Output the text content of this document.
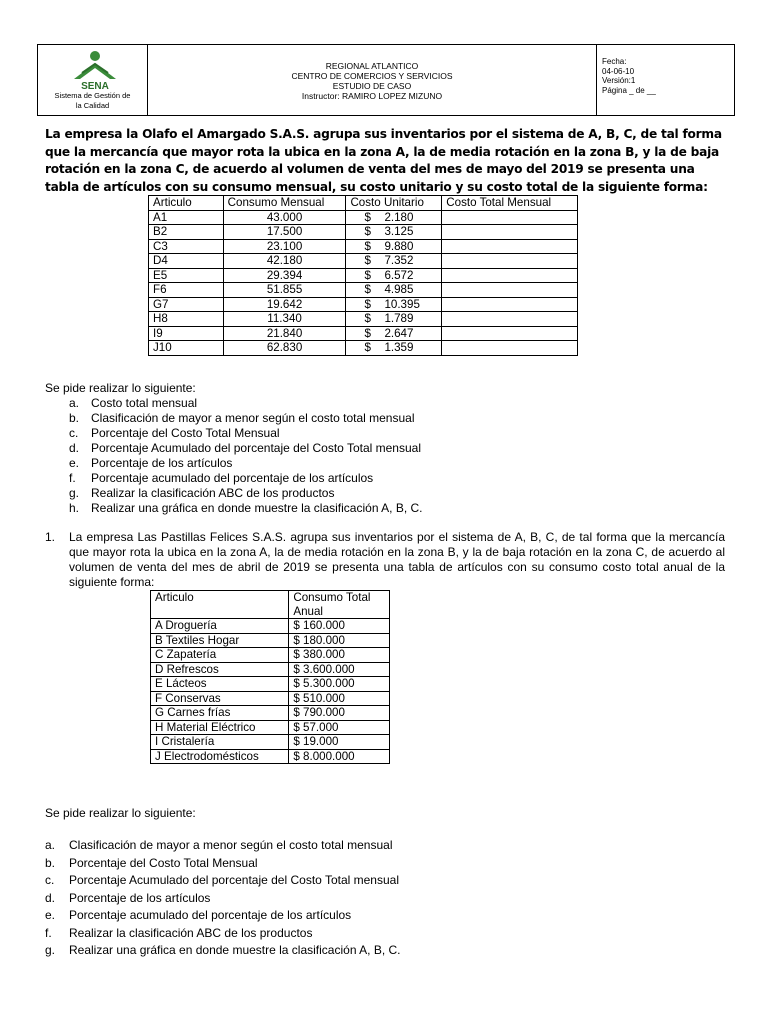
SENA
Sistema de Gestión de
la Calidad
REGIONAL ATLANTICO
CENTRO DE COMERCIOS Y SERVICIOS
ESTUDIO DE CASO
Instructor: RAMIRO LOPEZ MIZUNO
Fecha:
04-06-10
Versión:1
Página _ de __
La empresa la Olafo el Amargado S.A.S. agrupa sus inventarios por el sistema de A, B, C, de tal forma que la mercancía que mayor rota la ubica en la zona A, la de media rotación en la zona B, y la de baja rotación en la zona C, de acuerdo al volumen de venta del mes de mayo del 2019 se presenta una tabla de artículos con su consumo mensual, su costo unitario y su costo total de la siguiente forma:
Articulo	Consumo Mensual	Costo Unitario	Costo Total Mensual
A1	43.000	$ 2.180	
B2	17.500	$ 3.125	
C3	23.100	$ 9.880	
D4	42.180	$ 7.352	
E5	29.394	$ 6.572	
F6	51.855	$ 4.985	
G7	19.642	$ 10.395	
H8	11.340	$ 1.789	
I9	21.840	$ 2.647	
J10	62.830	$ 1.359	
Se pide realizar lo siguiente:
a. Costo total mensual
b. Clasificación de mayor a menor según el costo total mensual
c.	Porcentaje del Costo Total Mensual
d. Porcentaje Acumulado del porcentaje del Costo Total mensual
e. Porcentaje de los artículos
f.	Porcentaje acumulado del porcentaje de los artículos
g. Realizar la clasificación ABC de los productos
h. Realizar una gráfica en donde muestre la clasificación A, B, C.
1. La empresa Las Pastillas Felices S.A.S. agrupa sus inventarios por el sistema de A, B, C, de tal forma que la mercancía que mayor rota la ubica en la zona A, la de media rotación en la zona B, y la de baja rotación en la zona C, de acuerdo al volumen de venta del mes de abril de 2019 se presenta una tabla de artículos con su consumo costo total anual de la siguiente forma:
Articulo	Consumo Total
Anual

A Droguería	$ 160.000
B Textiles Hogar	$ 180.000
C Zapatería	$ 380.000
D Refrescos	$ 3.600.000
E Lácteos	$ 5.300.000
F Conservas	$ 510.000
G Carnes frías	$ 790.000
H Material Eléctrico	$ 57.000
I Cristalería	$ 19.000
J Electrodomésticos	$ 8.000.000
Se pide realizar lo siguiente:
a.	Clasificación de mayor a menor según el costo total mensual
b.	Porcentaje del Costo Total Mensual
c.	Porcentaje Acumulado del porcentaje del Costo Total mensual
d.	Porcentaje de los artículos
e.	Porcentaje acumulado del porcentaje de los artículos
f.	Realizar la clasificación ABC de los productos
g.	Realizar una gráfica en donde muestre la clasificación A, B, C.
